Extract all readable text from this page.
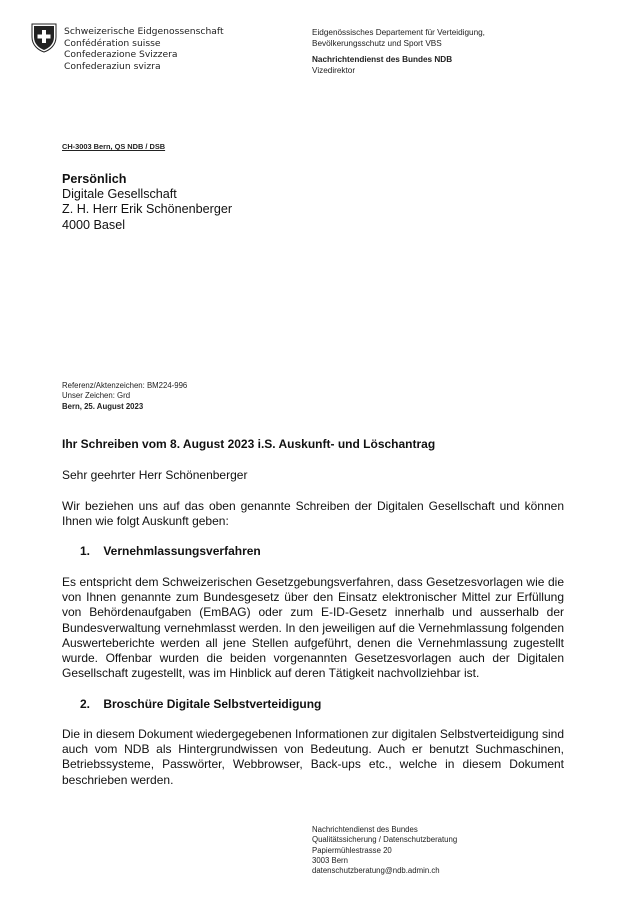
Schweizerische Eidgenossenschaft
Confédération suisse
Confederazione Svizzera
Confederaziun svizra
Eidgenössisches Departement für Verteidigung,
Bevölkerungsschutz und Sport VBS
Nachrichtendienst des Bundes NDB
Vizedirektor
CH-3003 Bern, QS NDB / DSB
Persönlich
Digitale Gesellschaft
Z. H. Herr Erik Schönenberger
4000 Basel
Referenz/Aktenzeichen: BM224-996
Unser Zeichen: Grd
Bern, 25. August 2023
Ihr Schreiben vom 8. August 2023 i.S. Auskunft- und Löschantrag
Sehr geehrter Herr Schönenberger
Wir beziehen uns auf das oben genannte Schreiben der Digitalen Gesellschaft und können Ihnen wie folgt Auskunft geben:
1. Vernehmlassungsverfahren
Es entspricht dem Schweizerischen Gesetzgebungsverfahren, dass Gesetzesvorlagen wie die von Ihnen genannte zum Bundesgesetz über den Einsatz elektronischer Mittel zur Erfüllung von Behördenaufgaben (EmBAG) oder zum E-ID-Gesetz innerhalb und ausserhalb der Bundesverwaltung vernehmlasst werden. In den jeweiligen auf die Vernehmlassung folgenden Auswerteberichte werden all jene Stellen aufgeführt, denen die Vernehmlassung zugestellt wurde. Offenbar wurden die beiden vorgenannten Gesetzesvorlagen auch der Digitalen Gesellschaft zugestellt, was im Hinblick auf deren Tätigkeit nachvollziehbar ist.
2. Broschüre Digitale Selbstverteidigung
Die in diesem Dokument wiedergegebenen Informationen zur digitalen Selbstverteidigung sind auch vom NDB als Hintergrundwissen von Bedeutung. Auch er benutzt Suchmaschinen, Betriebssysteme, Passwörter, Webbrowser, Back-ups etc., welche in diesem Dokument beschrieben werden.
Nachrichtendienst des Bundes
Qualitätssicherung / Datenschutzberatung
Papiermühlestrasse 20
3003 Bern
datenschutzberatung@ndb.admin.ch
